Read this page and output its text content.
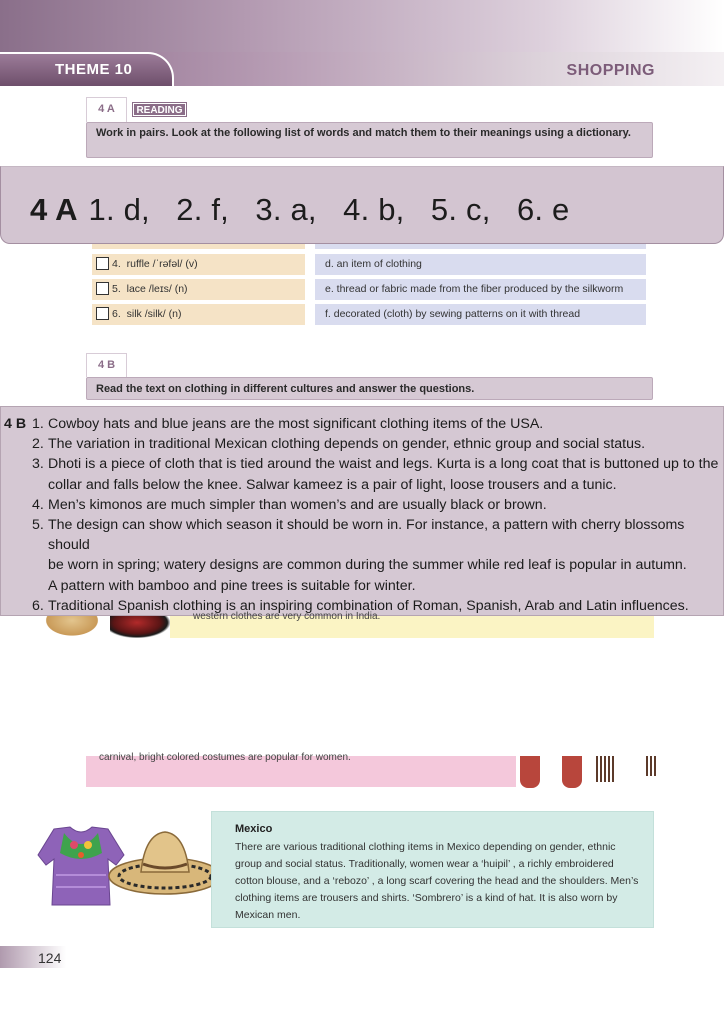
THEME 10	SHOPPING
4 A	READING
Work in pairs. Look at the following list of words and match them to their meanings using a dictionary.
4 A 1. d,   2. f,   3. a,   4. b,   5. c,   6. e
4. ruffle /ˈrəfəl/ (v)
5. lace /leɪs/ (n)
6. silk /silk/ (n)
d. an item of clothing
e. thread or fabric made from the fiber produced by the silkworm
f. decorated (cloth) by sewing patterns on it with thread
4 B
Read the text on clothing in different cultures and answer the questions.
4 B 1. Cowboy hats and blue jeans are the most significant clothing items of the USA.
2. The variation in traditional Mexican clothing depends on gender, ethnic group and social status.
3. Dhoti is a piece of cloth that is tied around the waist and legs. Kurta is a long coat that is buttoned up to the
collar and falls below the knee. Salwar kameez is a pair of light, loose trousers and a tunic.
4. Men’s kimonos are much simpler than women’s and are usually black or brown.
5. The design can show which season it should be worn in. For instance, a pattern with cherry blossoms should
be worn in spring; watery designs are common during the summer while red leaf is popular in autumn.
A pattern with bamboo and pine trees is suitable for winter.
6. Traditional Spanish clothing is an inspiring combination of Roman, Spanish, Arab and Latin influences.
western clothes are very common in India.
carnival, bright colored costumes are popular for women.
Mexico
There are various traditional clothing items in Mexico depending on gender, ethnic group and social status. Traditionally, women wear a ‘huipil’ , a richly embroidered cotton blouse, and a ‘rebozo’ , a long scarf covering the head and the shoulders. Men’s clothing items are trousers and shirts. ‘Sombrero’ is a kind of hat. It is also worn by Mexican men.
124
